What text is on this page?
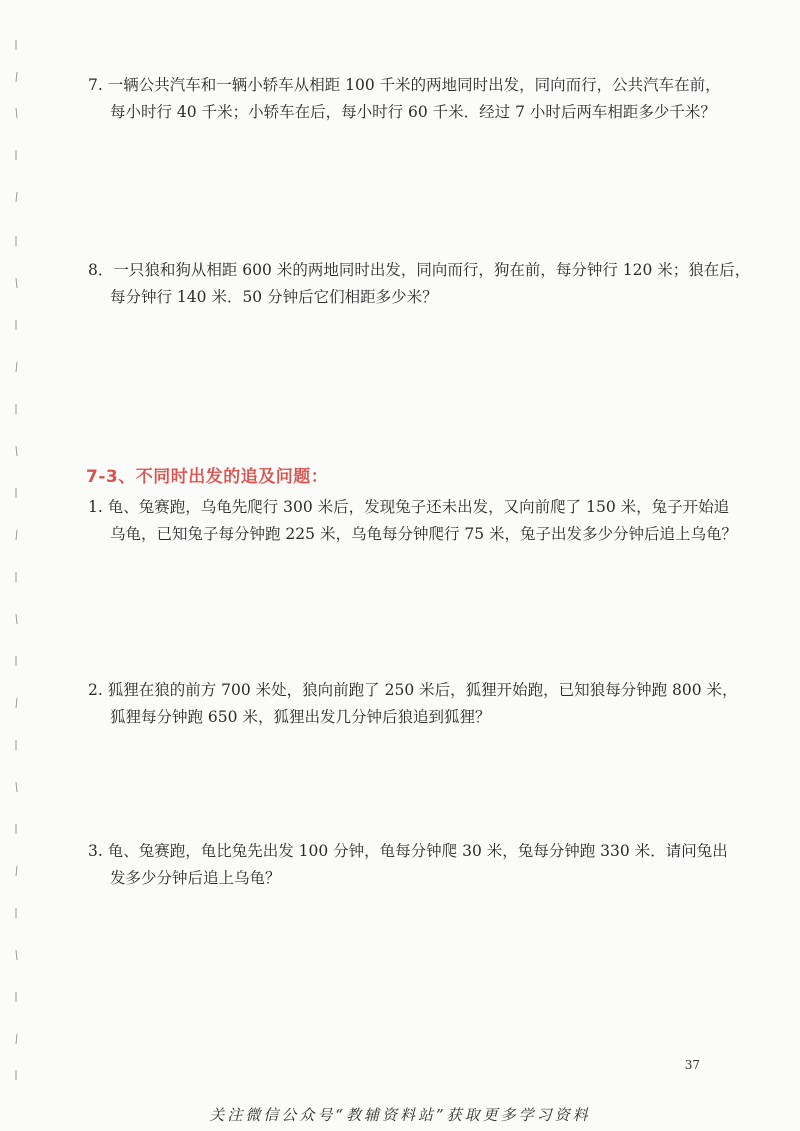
7. 一辆公共汽车和一辆小轿车从相距 100 千米的两地同时出发，同向而行，公共汽车在前，
每小时行 40 千米；小轿车在后，每小时行 60 千米．经过 7 小时后两车相距多少千米？
8．一只狼和狗从相距 600 米的两地同时出发，同向而行，狗在前，每分钟行 120 米；狼在后，
每分钟行 140 米．50 分钟后它们相距多少米？
7-3、不同时出发的追及问题：
1. 龟、兔赛跑，乌龟先爬行 300 米后，发现兔子还未出发，又向前爬了 150 米，兔子开始追
乌龟，已知兔子每分钟跑 225 米，乌龟每分钟爬行 75 米，兔子出发多少分钟后追上乌龟？
2. 狐狸在狼的前方 700 米处，狼向前跑了 250 米后，狐狸开始跑，已知狼每分钟跑 800 米，
狐狸每分钟跑 650 米，狐狸出发几分钟后狼追到狐狸？
3. 龟、兔赛跑，龟比兔先出发 100 分钟，龟每分钟爬 30 米，兔每分钟跑 330 米．请问兔出
发多少分钟后追上乌龟？
37
关注微信公众号“教辅资料站”获取更多学习资料
